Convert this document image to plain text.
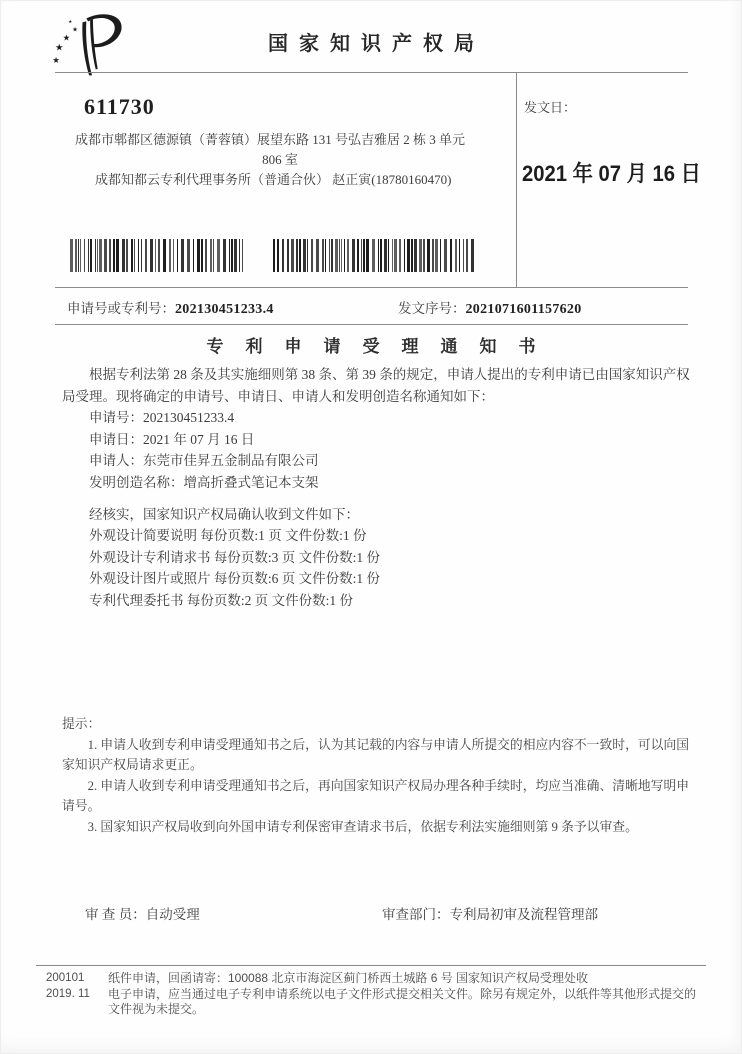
★
★
★
★
★
国家知识产权局
611730
成都市郫都区德源镇（菁蓉镇）展望东路 131 号弘吉雅居 2 栋 3 单元
806 室
成都知都云专利代理事务所（普通合伙） 赵正寅(18780160470)
发文日：
2021 年 07 月 16 日
申请号或专利号：202130451233.4	发文序号：2021071601157620
专利申请受理通知书

根据专利法第 28 条及其实施细则第 38 条、第 39 条的规定，申请人提出的专利申请已由国家知识产权局受理。现将确定的申请号、申请日、申请人和发明创造名称通知如下：

申请号：202130451233.4

申请日：2021 年 07 月 16 日

申请人：东莞市佳昇五金制品有限公司

发明创造名称：增高折叠式笔记本支架

经核实，国家知识产权局确认收到文件如下：

外观设计简要说明 每份页数:1 页 文件份数:1 份

外观设计专利请求书 每份页数:3 页 文件份数:1 份

外观设计图片或照片 每份页数:6 页 文件份数:1 份

专利代理委托书 每份页数:2 页 文件份数:1 份

提示：

1. 申请人收到专利申请受理通知书之后，认为其记载的内容与申请人所提交的相应内容不一致时，可以向国家知识产权局请求更正。

2. 申请人收到专利申请受理通知书之后，再向国家知识产权局办理各种手续时，均应当准确、清晰地写明申请号。

3. 国家知识产权局收到向外国申请专利保密审查请求书后，依据专利法实施细则第 9 条予以审查。

审 查 员：自动受理	审查部门：专利局初审及流程管理部
200101
2019. 11

纸件申请，回函请寄：100088 北京市海淀区蓟门桥西土城路 6 号 国家知识产权局受理处收

电子申请，应当通过电子专利申请系统以电子文件形式提交相关文件。除另有规定外，以纸件等其他形式提交的文件视为未提交。
